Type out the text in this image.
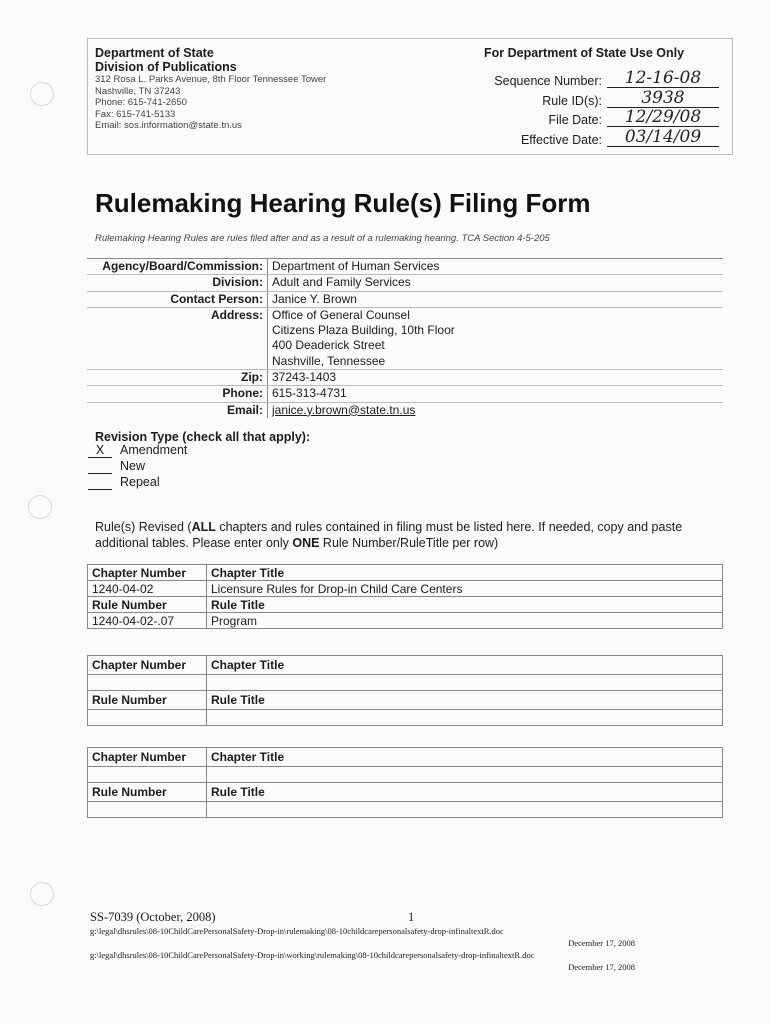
Department of State
Division of Publications
312 Rosa L. Parks Avenue, 8th Floor Tennessee Tower
Nashville, TN 37243
Phone: 615-741-2650
Fax: 615-741-5133
Email: sos.information@state.tn.us
For Department of State Use Only
Sequence Number:	12-16-08
Rule ID(s):	3938
File Date:	12/29/08
Effective Date:	03/14/09
Rulemaking Hearing Rule(s) Filing Form
Rulemaking Hearing Rules are rules filed after and as a result of a rulemaking hearing. TCA Section 4-5-205
Agency/Board/Commission:	Department of Human Services
Division:	Adult and Family Services
Contact Person:	Janice Y. Brown
Address:	Office of General Counsel
	Citizens Plaza Building, 10th Floor
	400 Deaderick Street
	Nashville, Tennessee
Zip:	37243-1403
Phone:	615-313-4731
Email:	janice.y.brown@state.tn.us
Revision Type (check all that apply):
X Amendment
New
Repeal
Rule(s) Revised (ALL chapters and rules contained in filing must be listed here. If needed, copy and paste additional tables. Please enter only ONE Rule Number/RuleTitle per row)
Chapter Number	Chapter Title
1240-04-02	Licensure Rules for Drop-in Child Care Centers
Rule Number	Rule Title
1240-04-02-.07	Program
Chapter Number	Chapter Title

Rule Number	Rule Title

Chapter Number	Chapter Title

Rule Number	Rule Title

SS-7039 (October, 2008)	1
g:\legal\dhsrules\08-10ChildCarePersonalSafety-Drop-in\rulemaking\08-10childcarepersonalsafety-drop-infinaltextR.doc
December 17, 2008
g:\legal\dhsrules\08-10ChildCarePersonalSafety-Drop-in\working\rulemaking\08-10childcarepersonalsafety-drop-infinaltextR.doc
December 17, 2008
